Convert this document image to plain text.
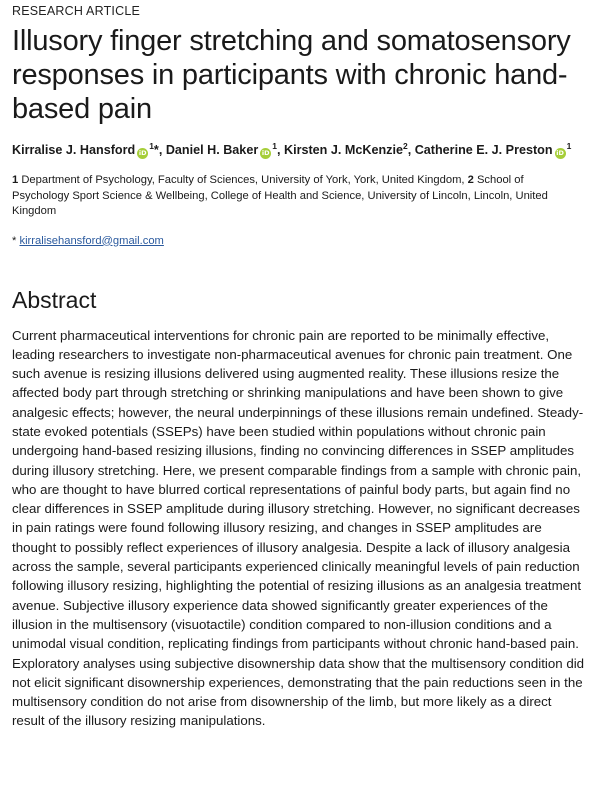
RESEARCH ARTICLE
Illusory finger stretching and somatosensory responses in participants with chronic hand-based pain
Kirralise J. Hansford $iD^1*$, Daniel H. Baker $iD^1$, Kirsten J. McKenzie$^2$, Catherine E. J. Preston $iD^1$
1 Department of Psychology, Faculty of Sciences, University of York, York, United Kingdom, 2 School of Psychology Sport Science & Wellbeing, College of Health and Science, University of Lincoln, Lincoln, United Kingdom
* kirralisehansford@gmail.com
Abstract

Current pharmaceutical interventions for chronic pain are reported to be minimally effective, leading researchers to investigate non-pharmaceutical avenues for chronic pain treatment. One such avenue is resizing illusions delivered using augmented reality. These illusions resize the affected body part through stretching or shrinking manipulations and have been shown to give analgesic effects; however, the neural underpinnings of these illusions remain undefined. Steady-state evoked potentials (SSEPs) have been studied within populations without chronic pain undergoing hand-based resizing illusions, finding no convincing differences in SSEP amplitudes during illusory stretching. Here, we present comparable findings from a sample with chronic pain, who are thought to have blurred cortical representations of painful body parts, but again find no clear differences in SSEP amplitude during illusory stretching. However, no significant decreases in pain ratings were found following illusory resizing, and changes in SSEP amplitudes are thought to possibly reflect experiences of illusory analgesia. Despite a lack of illusory analgesia across the sample, several participants experienced clinically meaningful levels of pain reduction following illusory resizing, highlighting the potential of resizing illusions as an analgesia treatment avenue. Subjective illusory experience data showed significantly greater experiences of the illusion in the multisensory (visuotactile) condition compared to non-illusion conditions and a unimodal visual condition, replicating findings from participants without chronic hand-based pain. Exploratory analyses using subjective disownership data show that the multisensory condition did not elicit significant disownership experiences, demonstrating that the pain reductions seen in the multisensory condition do not arise from disownership of the limb, but more likely as a direct result of the illusory resizing manipulations.
